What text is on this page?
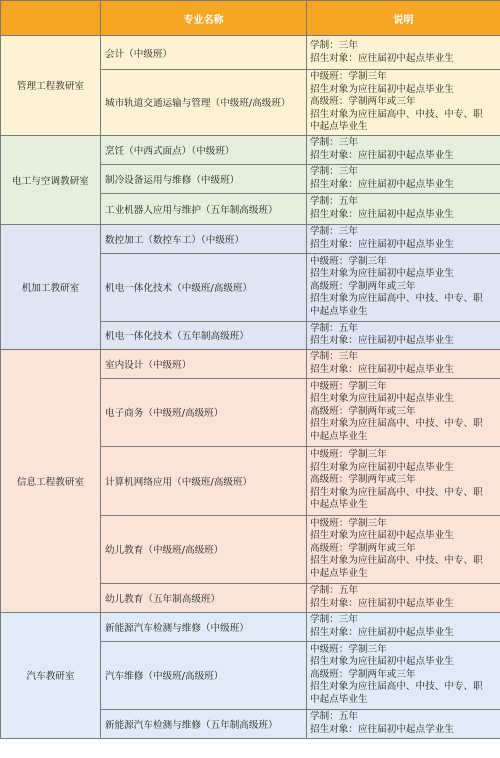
	专业名称	说明
管理工程教研室	会计（中级班）	学制：三年
招生对象：应往届初中起点毕业生

	城市轨道交通运输与管理（中级班/高级班）	中级班：学制三年
招生对象为应往届初中起点毕业生
高级班：学制两年或三年
招生对象为应往届高中、中技、中专、职
中起点毕业生

电工与空调教研室	烹饪（中西式面点）（中级班）	学制：三年
招生对象：应往届初中起点毕业生

	制冷设备运用与维修（中级班）	学制：三年
招生对象：应往届初中起点毕业生

	工业机器人应用与维护（五年制高级班）	学制：五年
招生对象：应往届初中起点毕业生

机加工教研室	数控加工（数控车工）（中级班）	学制：三年
招生对象：应往届初中起点毕业生

	机电一体化技术（中级班/高级班）	中级班：学制三年
招生对象为应往届初中起点毕业生
高级班：学制两年或三年
招生对象为应往届高中、中技、中专、职
中起点毕业生

	机电一体化技术（五年制高级班）	学制：五年
招生对象：应往届初中起点毕业生

信息工程教研室	室内设计（中级班）	学制：三年
招生对象：应往届初中起点毕业生

	电子商务（中级班/高级班）	中级班：学制三年
招生对象为应往届初中起点毕业生
高级班：学制两年或三年
招生对象为应往届高中、中技、中专、职
中起点毕业生

	计算机网络应用（中级班/高级班）	中级班：学制三年
招生对象为应往届初中起点毕业生
高级班：学制两年或三年
招生对象为应往届高中、中技、中专、职
中起点毕业生

	幼儿教育（中级班/高级班）	中级班：学制三年
招生对象为应往届初中起点毕业生
高级班：学制两年或三年
招生对象为应往届高中、中技、中专、职
中起点毕业生

	幼儿教育（五年制高级班）	学制：五年
招生对象：应往届初中起点毕业生

汽车教研室	新能源汽车检测与维修（中级班）	学制：三年
招生对象：应往届初中起点毕业生

	汽车维修（中级班/高级班）	中级班：学制三年
招生对象为应往届初中起点毕业生
高级班：学制两年或三年
招生对象为应往届高中、中技、中专、职
中起点毕业生

	新能源汽车检测与维修（五年制高级班）	学制：五年
招生对象：应往届初中起点学业生
